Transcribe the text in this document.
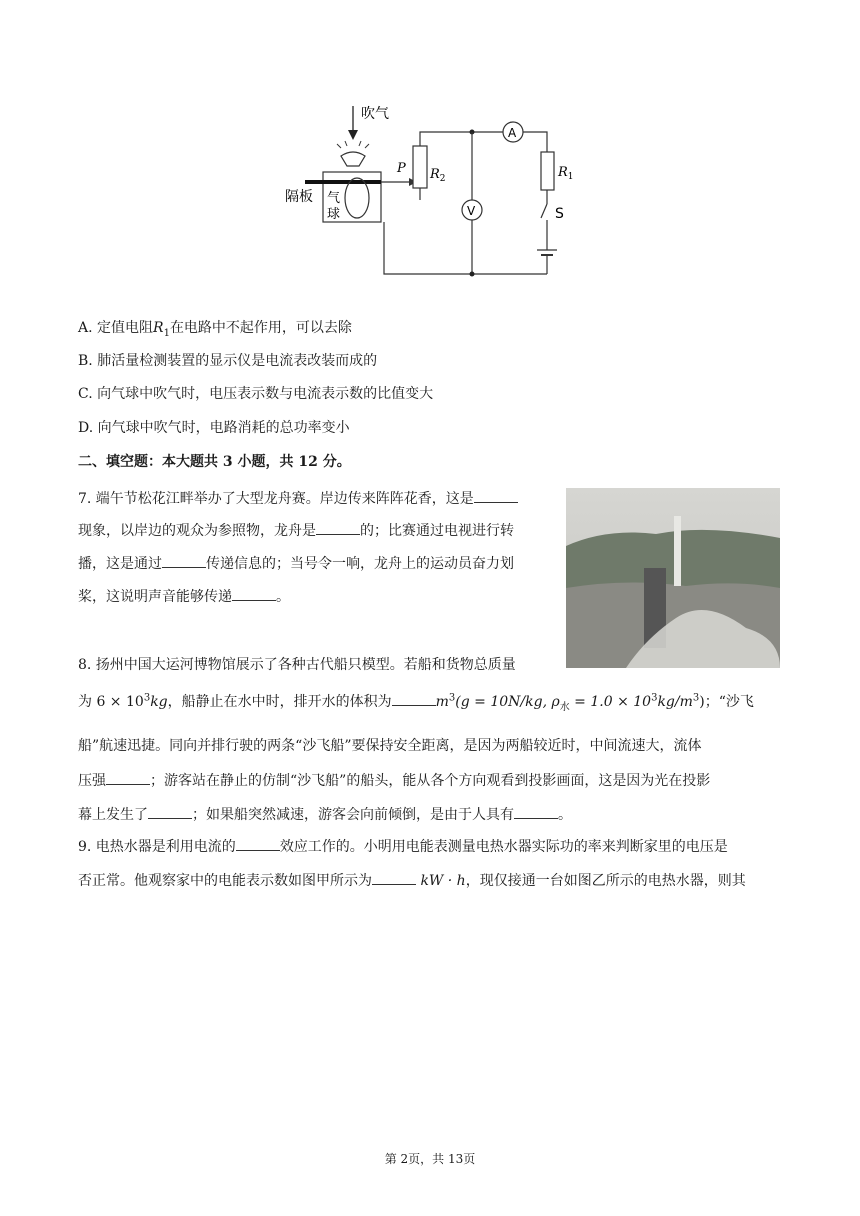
吹气
隔板 气
球
P $R_2$
A
V
$R_1$
S
A. 定值电阻$R_1$在电路中不起作用，可以去除
B. 肺活量检测装置的显示仪是电流表改装而成的
C. 向气球中吹气时，电压表示数与电流表示数的比值变大
D. 向气球中吹气时，电路消耗的总功率变小
二、填空题：本大题共 3 小题，共 12 分。
7. 端午节松花江畔举办了大型龙舟赛。岸边传来阵阵花香，这是
现象，以岸边的观众为参照物，龙舟是	的；比赛通过电视进行转
播，这是通过	传递信息的；当号令一响，龙舟上的运动员奋力划
桨，这说明声音能够传递	。
8. 扬州中国大运河博物馆展示了各种古代船只模型。若船和货物总质量
为 $6 \times 10^3kg$，船静止在水中时，排开水的体积为	$m^3(g = 10N/kg$, $\rho_水 = 1.0 \times 10^3kg/m^3$)；“沙飞
船”航速迅捷。同向并排行驶的两条“沙飞船”要保持安全距离，是因为两船较近时，中间流速大，流体
压强	；游客站在静止的仿制“沙飞船”的船头，能从各个方向观看到投影画面，这是因为光在投影
幕上发生了	；如果船突然减速，游客会向前倾倒，是由于人具有	。
9. 电热水器是利用电流的	效应工作的。小明用电能表测量电热水器实际功的率来判断家里的电压是
否正常。他观察家中的电能表示数如图甲所示为	kW · h，现仅接通一台如图乙所示的电热水器，则其
第 2页，共 13页
